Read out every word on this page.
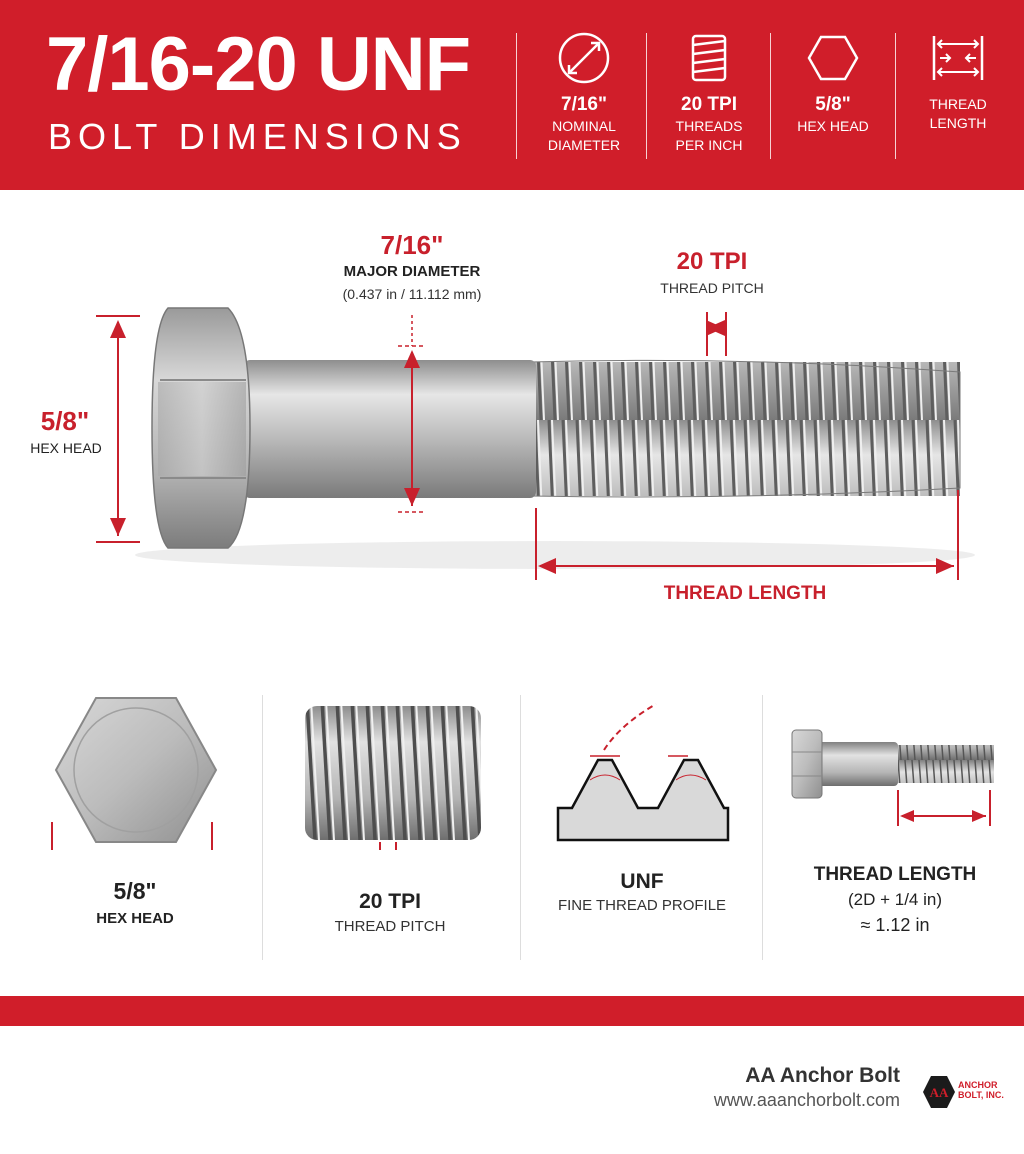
7/16-20 UNF
BOLT DIMENSIONS
7/16"
NOMINAL
DIAMETER
20 TPI
THREADS
PER INCH
5/8"
HEX HEAD
THREAD
LENGTH
7/16"
MAJOR DIAMETER
(0.437 in / 11.112 mm)
20 TPI
THREAD PITCH
5/8"
HEX HEAD
THREAD LENGTH
5/8"
HEX HEAD
20 TPI
THREAD PITCH
UNF
FINE THREAD PROFILE
THREAD LENGTH
(2D + 1/4 in)
≈ 1.12 in
AA Anchor Bolt
www.aaanchorbolt.com AA ANCHOR
BOLT, INC.
